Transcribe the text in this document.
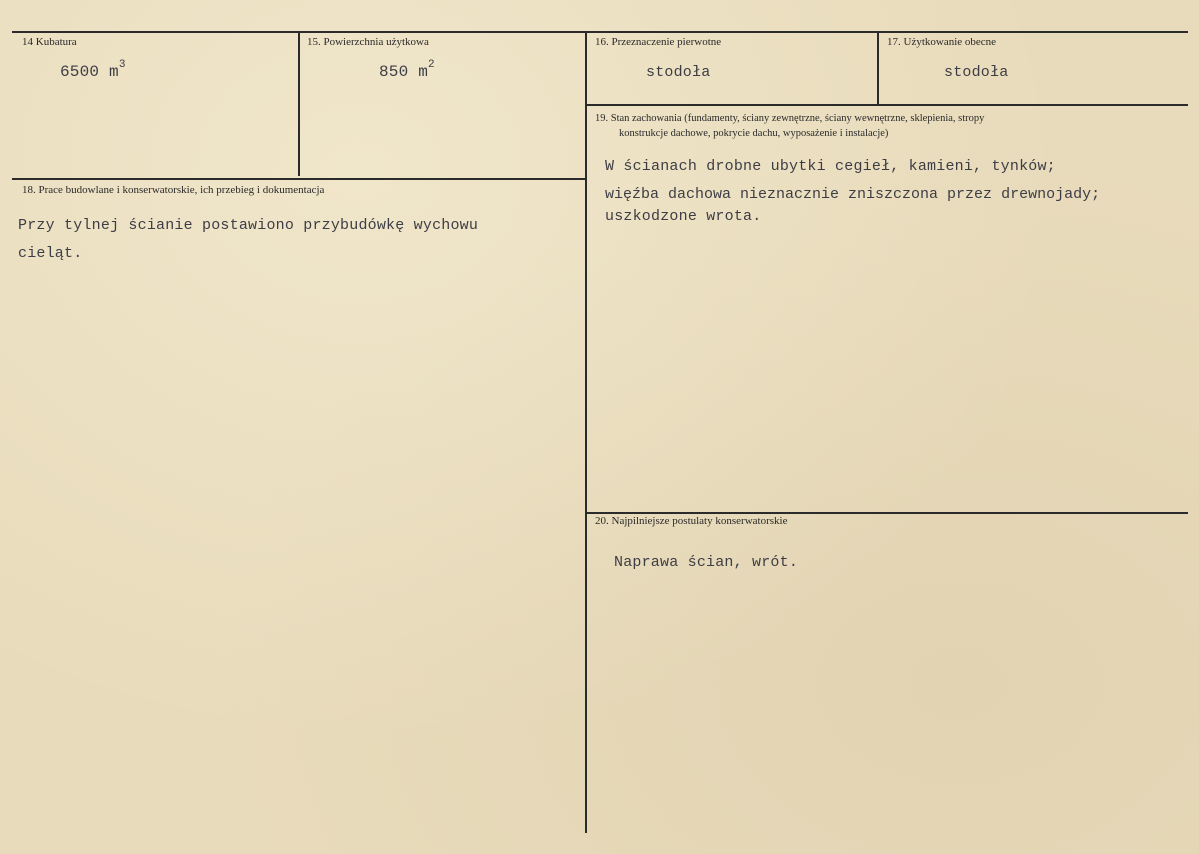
14 Kubatura
6500 $m^3$
15. Powierzchnia użytkowa
850 $m^2$
16. Przeznaczenie pierwotne
stodoła
17. Użytkowanie obecne
stodoła
19. Stan zachowania (fundamenty, ściany zewnętrzne, ściany wewnętrzne, sklepienia, stropy
konstrukcje dachowe, pokrycie dachu, wyposażenie i instalacje)
W ścianach drobne ubytki cegieł, kamieni, tynków;
więźba dachowa nieznacznie zniszczona przez drewnojady;
uszkodzone wrota.
18. Prace budowlane i konserwatorskie, ich przebieg i dokumentacja
Przy tylnej ścianie postawiono przybudówkę wychowu
cieląt.
20. Najpilniejsze postulaty konserwatorskie
Naprawa ścian, wrót.
